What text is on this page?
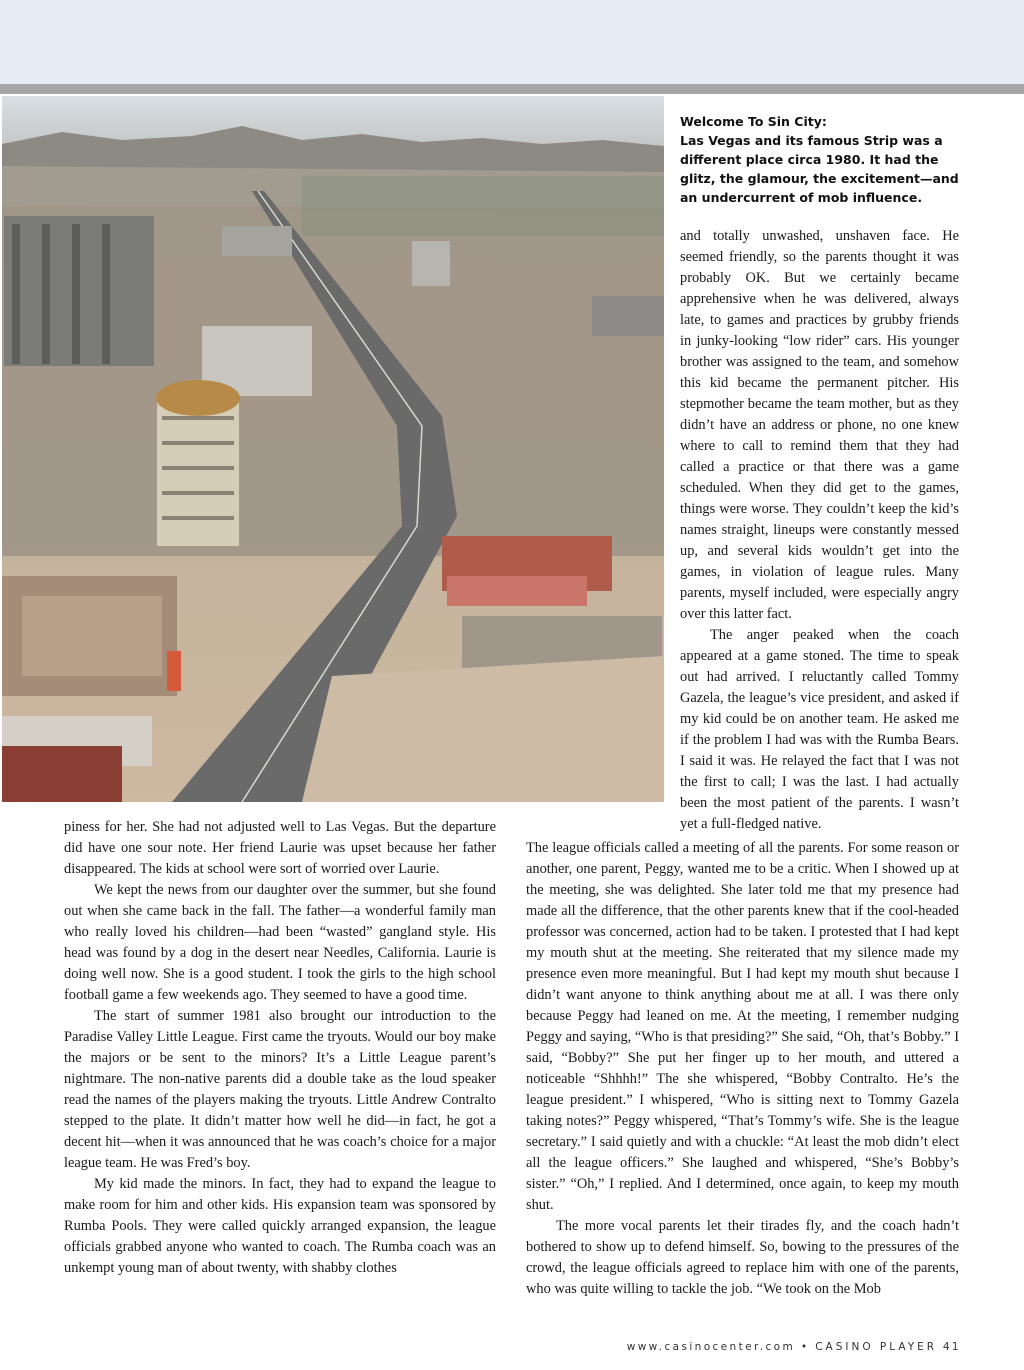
Welcome To Sin City:
Las Vegas and its famous Strip was a different place circa 1980. It had the glitz, the glamour, the excitement—and an undercurrent of mob influence.

and totally unwashed, unshaven face. He seemed friendly, so the parents thought it was probably OK. But we certainly became apprehensive when he was delivered, always late, to games and practices by grubby friends in junky-looking “low rider” cars. His younger brother was assigned to the team, and somehow this kid became the permanent pitcher. His stepmother became the team mother, but as they didn’t have an address or phone, no one knew where to call to remind them that they had called a practice or that there was a game scheduled. When they did get to the games, things were worse. They couldn’t keep the kid’s names straight, lineups were constantly messed up, and several kids wouldn’t get into the games, in violation of league rules. Many parents, myself included, were especially angry over this latter fact.

The anger peaked when the coach appeared at a game stoned. The time to speak out had arrived. I reluctantly called Tommy Gazela, the league’s vice president, and asked if my kid could be on another team. He asked me if the problem I had was with the Rumba Bears. I said it was. He relayed the fact that I was not the first to call; I was the last. I had actually been the most patient of the parents. I wasn’t yet a full-fledged native.

piness for her. She had not adjusted well to Las Vegas. But the departure did have one sour note. Her friend Laurie was upset because her father disappeared. The kids at school were sort of worried over Laurie.

We kept the news from our daughter over the summer, but she found out when she came back in the fall. The father—a wonderful family man who really loved his children—had been “wasted” gangland style. His head was found by a dog in the desert near Needles, California. Laurie is doing well now. She is a good student. I took the girls to the high school football game a few weekends ago. They seemed to have a good time.

The start of summer 1981 also brought our introduction to the Paradise Valley Little League. First came the tryouts. Would our boy make the majors or be sent to the minors? It’s a Little League parent’s nightmare. The non-native parents did a double take as the loud speaker read the names of the players making the tryouts. Little Andrew Contralto stepped to the plate. It didn’t matter how well he did—in fact, he got a decent hit—when it was announced that he was coach’s choice for a major league team. He was Fred’s boy.

My kid made the minors. In fact, they had to expand the league to make room for him and other kids. His expansion team was sponsored by Rumba Pools. They were called quickly arranged expansion, the league officials grabbed anyone who wanted to coach. The Rumba coach was an unkempt young man of about twenty, with shabby clothes

The league officials called a meeting of all the parents. For some reason or another, one parent, Peggy, wanted me to be a critic. When I showed up at the meeting, she was delighted. She later told me that my presence had made all the difference, that the other parents knew that if the cool-headed professor was concerned, action had to be taken. I protested that I had kept my mouth shut at the meeting. She reiterated that my silence made my presence even more meaningful. But I had kept my mouth shut because I didn’t want anyone to think anything about me at all. I was there only because Peggy had leaned on me. At the meeting, I remember nudging Peggy and saying, “Who is that presiding?” She said, “Oh, that’s Bobby.” I said, “Bobby?” She put her finger up to her mouth, and uttered a noticeable “Shhhh!” The she whispered, “Bobby Contralto. He’s the league president.” I whispered, “Who is sitting next to Tommy Gazela taking notes?” Peggy whispered, “That’s Tommy’s wife. She is the league secretary.” I said quietly and with a chuckle: “At least the mob didn’t elect all the league officers.” She laughed and whispered, “She’s Bobby’s sister.” “Oh,” I replied. And I determined, once again, to keep my mouth shut.

The more vocal parents let their tirades fly, and the coach hadn’t bothered to show up to defend himself. So, bowing to the pressures of the crowd, the league officials agreed to replace him with one of the parents, who was quite willing to tackle the job. “We took on the Mob

www.casinocenter.com • CASINO PLAYER 41
